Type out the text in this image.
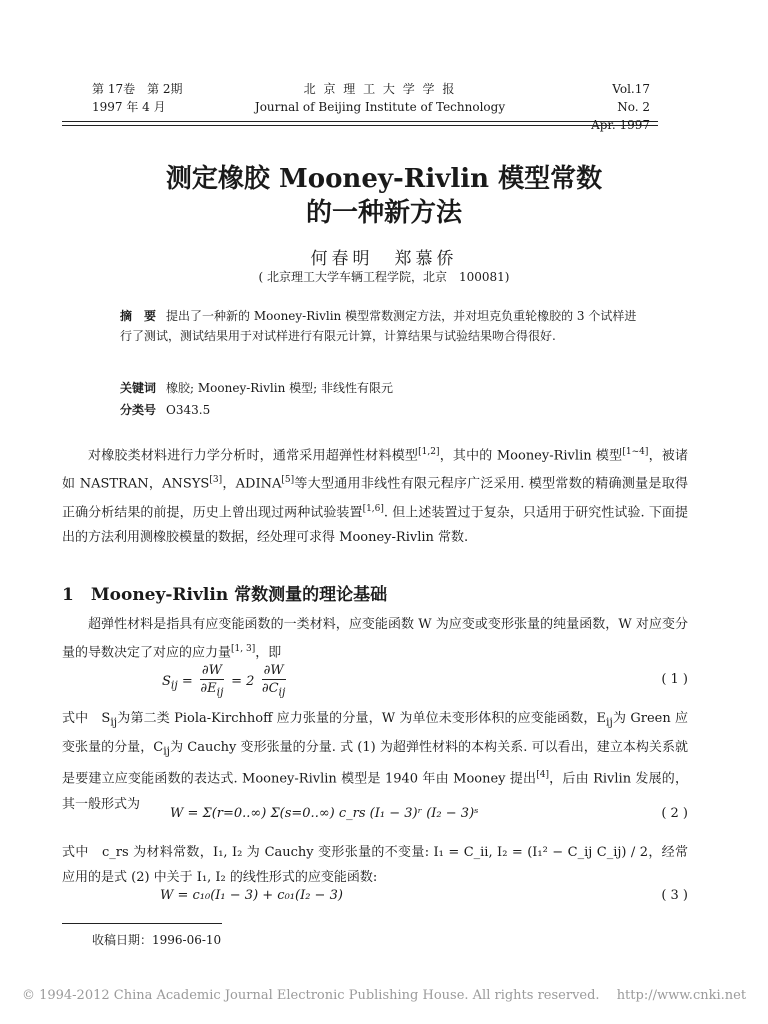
第 17卷　第 2期
1997 年 4 月
北 京 理 工 大 学 学 报
Journal of Beijing Institute of Technology
Vol.17　No. 2
Apr. 1997
测定橡胶 Mooney-Rivlin 模型常数
的一种新方法
何春明　郑慕侨
( 北京理工大学车辆工程学院，北京　100081)
摘　要 提出了一种新的 Mooney-Rivlin 模型常数测定方法，并对坦克负重轮橡胶的 3 个试样进行了测试，测试结果用于对试样进行有限元计算，计算结果与试验结果吻合得很好.
关键词 橡胶; Mooney-Rivlin 模型; 非线性有限元
分类号 O343.5
对橡胶类材料进行力学分析时，通常采用超弹性材料模型[1,2]，其中的 Mooney-Rivlin 模型[1~4]，被诸如 NASTRAN，ANSYS[3]，ADINA[5]等大型通用非线性有限元程序广泛采用. 模型常数的精确测量是取得正确分析结果的前提，历史上曾出现过两种试验装置[1,6]. 但上述装置过于复杂，只适用于研究性试验. 下面提出的方法利用测橡胶模量的数据，经处理可求得 Mooney-Rivlin 常数.
1　Mooney-Rivlin 常数测量的理论基础
超弹性材料是指具有应变能函数的一类材料，应变能函数 W 为应变或变形张量的纯量函数，W 对应变分量的导数决定了对应的应力量[1, 3]，即
$S_{ij} = \frac{\partial W}{\partial E_{ij}} = 2 \frac{\partial W}{\partial C_{ij}}$	( 1 )
式中　$S_{ij}$为第二类 Piola-Kirchhoff 应力张量的分量，W 为单位未变形体积的应变能函数，$E_{ij}$为 Green 应变张量的分量，$C_{ij}$为 Cauchy 变形张量的分量. 式 (1) 为超弹性材料的本构关系. 可以看出，建立本构关系就是要建立应变能函数的表达式. Mooney-Rivlin 模型是 1940 年由 Mooney 提出[4]，后由 Rivlin 发展的，其一般形式为
W = Σ(r=0..∞) Σ(s=0..∞) c_rs (I₁ − 3)ʳ (I₂ − 3)ˢ	( 2 )
式中　c_rs 为材料常数，I₁, I₂ 为 Cauchy 变形张量的不变量: I₁ = C_ii, I₂ = (I₁² − C_ij C_ij) / 2，经常应用的是式 (2) 中关于 I₁, I₂ 的线性形式的应变能函数:
W = c₁₀(I₁ − 3) + c₀₁(I₂ − 3)	( 3 )
收稿日期：1996-06-10
© 1994-2012 China Academic Journal Electronic Publishing House. All rights reserved.　 http://www.cnki.net
